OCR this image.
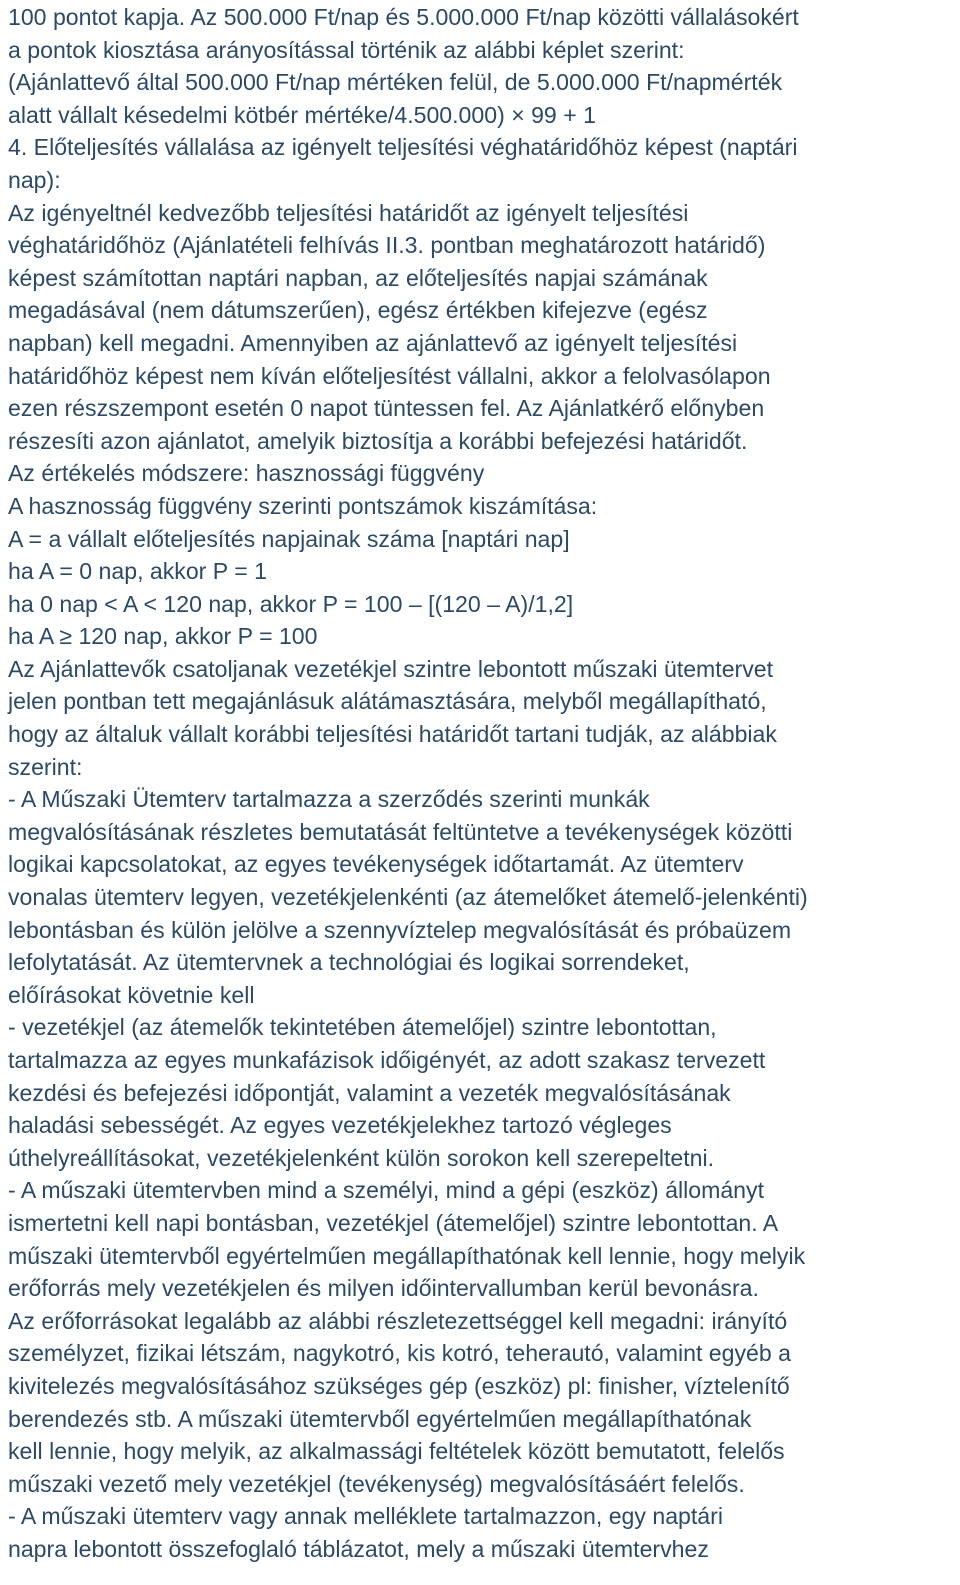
100 pontot kapja. Az 500.000 Ft/nap és 5.000.000 Ft/nap közötti vállalásokért
a pontok kiosztása arányosítással történik az alábbi képlet szerint:
(Ajánlattevő által 500.000 Ft/nap mértéken felül, de 5.000.000 Ft/napmérték
alatt vállalt késedelmi kötbér mértéke/4.500.000) × 99 + 1
4. Előteljesítés vállalása az igényelt teljesítési véghatáridőhöz képest (naptári
nap):
Az igényeltnél kedvezőbb teljesítési határidőt az igényelt teljesítési
véghatáridőhöz (Ajánlatételi felhívás II.3. pontban meghatározott határidő)
képest számítottan naptári napban, az előteljesítés napjai számának
megadásával (nem dátumszerűen), egész értékben kifejezve (egész
napban) kell megadni. Amennyiben az ajánlattevő az igényelt teljesítési
határidőhöz képest nem kíván előteljesítést vállalni, akkor a felolvasólapon
ezen részszempont esetén 0 napot tüntessen fel. Az Ajánlatkérő előnyben
részesíti azon ajánlatot, amelyik biztosítja a korábbi befejezési határidőt.
Az értékelés módszere: hasznossági függvény
A hasznosság függvény szerinti pontszámok kiszámítása:
A = a vállalt előteljesítés napjainak száma [naptári nap]
ha A = 0 nap, akkor P = 1
ha 0 nap < A < 120 nap, akkor P = 100 – [(120 – A)/1,2]
ha A ≥ 120 nap, akkor P = 100
Az Ajánlattevők csatoljanak vezetékjel szintre lebontott műszaki ütemtervet
jelen pontban tett megajánlásuk alátámasztására, melyből megállapítható,
hogy az általuk vállalt korábbi teljesítési határidőt tartani tudják, az alábbiak
szerint:
- A Műszaki Ütemterv tartalmazza a szerződés szerinti munkák
megvalósításának részletes bemutatását feltüntetve a tevékenységek közötti
logikai kapcsolatokat, az egyes tevékenységek időtartamát. Az ütemterv
vonalas ütemterv legyen, vezetékjelenkénti (az átemelőket átemelő-jelenkénti)
lebontásban és külön jelölve a szennyvíztelep megvalósítását és próbaüzem
lefolytatását. Az ütemtervnek a technológiai és logikai sorrendeket,
előírásokat követnie kell
- vezetékjel (az átemelők tekintetében átemelőjel) szintre lebontottan,
tartalmazza az egyes munkafázisok időigényét, az adott szakasz tervezett
kezdési és befejezési időpontját, valamint a vezeték megvalósításának
haladási sebességét. Az egyes vezetékjelekhez tartozó végleges
úthelyreállításokat, vezetékjelenként külön sorokon kell szerepeltetni.
- A műszaki ütemtervben mind a személyi, mind a gépi (eszköz) állományt
ismertetni kell napi bontásban, vezetékjel (átemelőjel) szintre lebontottan. A
műszaki ütemtervből egyértelműen megállapíthatónak kell lennie, hogy melyik
erőforrás mely vezetékjelen és milyen időintervallumban kerül bevonásra.
Az erőforrásokat legalább az alábbi részletezettséggel kell megadni: irányító
személyzet, fizikai létszám, nagykotró, kis kotró, teherautó, valamint egyéb a
kivitelezés megvalósításához szükséges gép (eszköz) pl: finisher, víztelenítő
berendezés stb. A műszaki ütemtervből egyértelműen megállapíthatónak
kell lennie, hogy melyik, az alkalmassági feltételek között bemutatott, felelős
műszaki vezető mely vezetékjel (tevékenység) megvalósításáért felelős.
- A műszaki ütemterv vagy annak melléklete tartalmazzon, egy naptári
napra lebontott összefoglaló táblázatot, mely a műszaki ütemtervhez
